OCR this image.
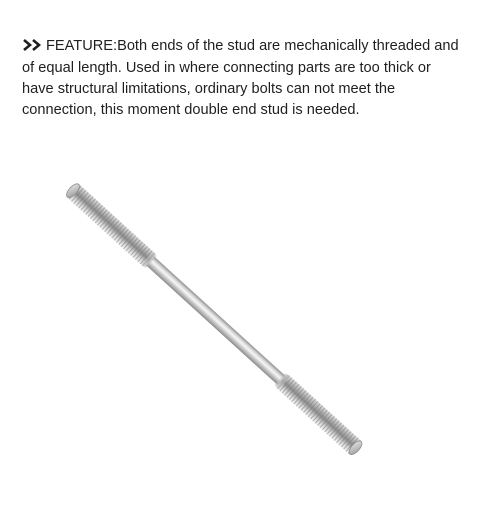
FEATURE:Both ends of the stud are mechanically threaded and
of equal length. Used in where connecting parts are too thick or
have structural limitations, ordinary bolts can not meet the
connection, this moment double end stud is needed.
